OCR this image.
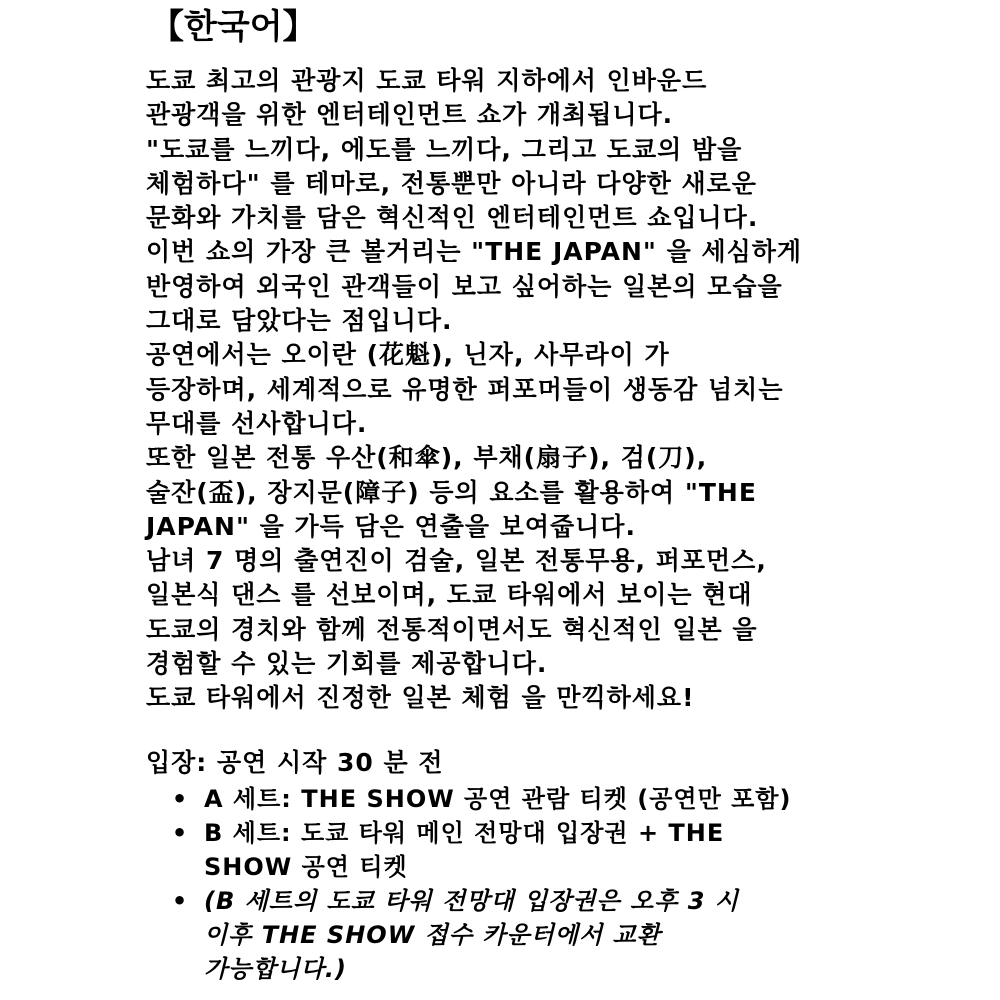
【한국어】
도쿄 최고의 관광지 도쿄 타워 지하에서 인바운드
관광객을 위한 엔터테인먼트 쇼가 개최됩니다.
"도쿄를 느끼다, 에도를 느끼다, 그리고 도쿄의 밤을
체험하다" 를 테마로, 전통뿐만 아니라 다양한 새로운
문화와 가치를 담은 혁신적인 엔터테인먼트 쇼입니다.
이번 쇼의 가장 큰 볼거리는 "THE JAPAN" 을 세심하게
반영하여 외국인 관객들이 보고 싶어하는 일본의 모습을
그대로 담았다는 점입니다.
공연에서는 오이란 (花魁), 닌자, 사무라이 가
등장하며, 세계적으로 유명한 퍼포머들이 생동감 넘치는
무대를 선사합니다.
또한 일본 전통 우산(和傘), 부채(扇子), 검(刀),
술잔(盃), 장지문(障子) 등의 요소를 활용하여 "THE
JAPAN" 을 가득 담은 연출을 보여줍니다.
남녀 7 명의 출연진이 검술, 일본 전통무용, 퍼포먼스,
일본식 댄스 를 선보이며, 도쿄 타워에서 보이는 현대
도쿄의 경치와 함께 전통적이면서도 혁신적인 일본 을
경험할 수 있는 기회를 제공합니다.
도쿄 타워에서 진정한 일본 체험 을 만끽하세요!
입장: 공연 시작 30 분 전
• A 세트: THE SHOW 공연 관람 티켓 (공연만 포함)
• B 세트: 도쿄 타워 메인 전망대 입장권 + THE
SHOW 공연 티켓
• (B 세트의 도쿄 타워 전망대 입장권은 오후 3 시
이후 THE SHOW 접수 카운터에서 교환
가능합니다.)
